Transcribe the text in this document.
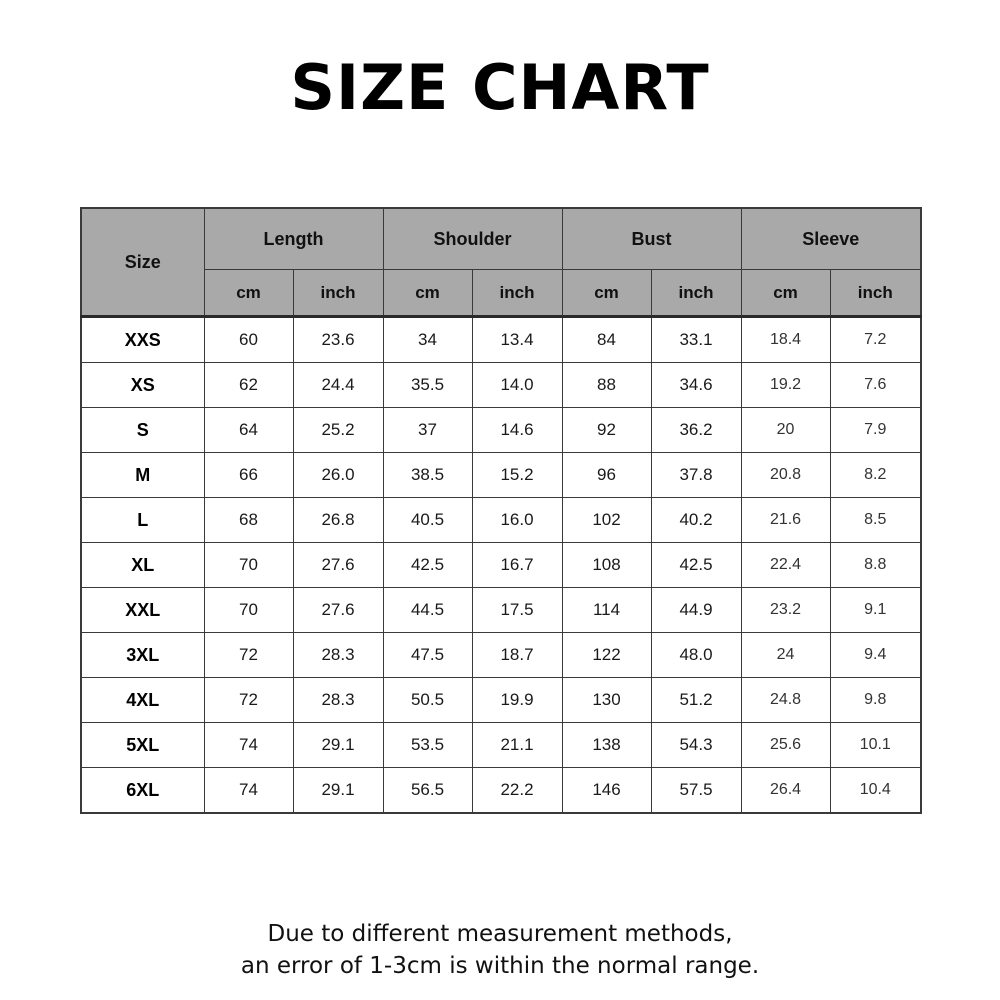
SIZE CHART
Size	Length		Shoulder		Bust		Sleeve	
	cm	inch	cm	inch	cm	inch	cm	inch
XXS	60	23.6	34	13.4	84	33.1	18.4	7.2
XS	62	24.4	35.5	14.0	88	34.6	19.2	7.6
S	64	25.2	37	14.6	92	36.2	20	7.9
M	66	26.0	38.5	15.2	96	37.8	20.8	8.2
L	68	26.8	40.5	16.0	102	40.2	21.6	8.5
XL	70	27.6	42.5	16.7	108	42.5	22.4	8.8
XXL	70	27.6	44.5	17.5	114	44.9	23.2	9.1
3XL	72	28.3	47.5	18.7	122	48.0	24	9.4
4XL	72	28.3	50.5	19.9	130	51.2	24.8	9.8
5XL	74	29.1	53.5	21.1	138	54.3	25.6	10.1
6XL	74	29.1	56.5	22.2	146	57.5	26.4	10.4
Due to different measurement methods,
an error of 1-3cm is within the normal range.
